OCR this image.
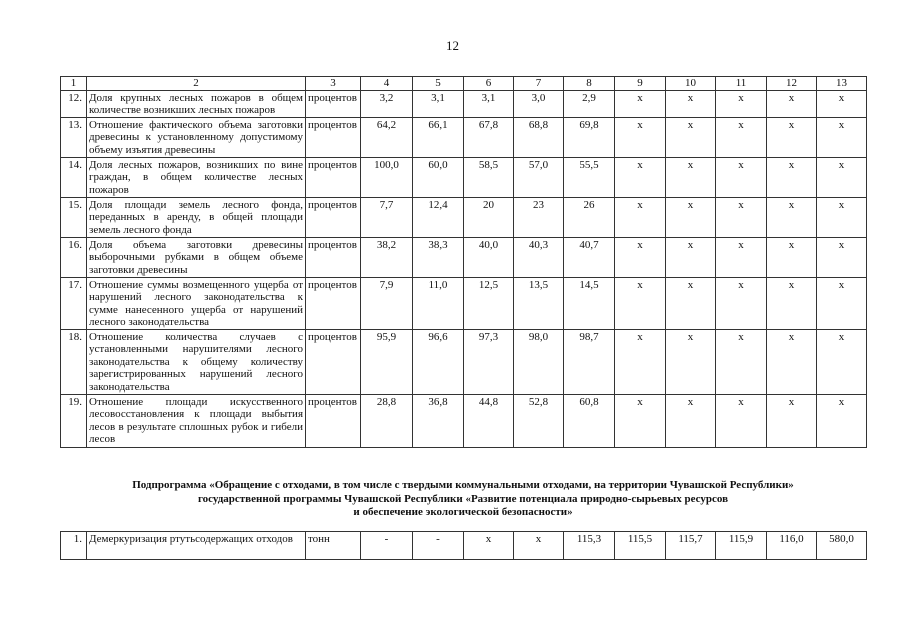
12
1	2	3	4	5	6	7	8	9	10	11	12	13
12.	Доля крупных лесных пожаров в общем количестве возникших лесных пожаров	процентов	3,2	3,1	3,1	3,0	2,9	х	х	х	х	х
13.	Отношение фактического объема заготовки древесины к установленному допустимому объему изъятия древесины	процентов	64,2	66,1	67,8	68,8	69,8	х	х	х	х	х
14.	Доля лесных пожаров, возникших по вине граждан, в общем количестве лесных пожаров	процентов	100,0	60,0	58,5	57,0	55,5	х	х	х	х	х
15.	Доля площади земель лесного фонда, переданных в аренду, в общей площади земель лесного фонда	процентов	7,7	12,4	20	23	26	х	х	х	х	х
16.	Доля объема заготовки древесины выборочными рубками в общем объеме заготовки древесины	процентов	38,2	38,3	40,0	40,3	40,7	х	х	х	х	х
17.	Отношение суммы возмещенного ущерба от нарушений лесного законодательства к сумме нанесенного ущерба от нарушений лесного законодательства	процентов	7,9	11,0	12,5	13,5	14,5	х	х	х	х	х
18.	Отношение количества случаев с установленными нарушителями лесного законодательства к общему количеству зарегистрированных нарушений лесного законодательства	процентов	95,9	96,6	97,3	98,0	98,7	х	х	х	х	х
19.	Отношение площади искусственного лесовосстановления к площади выбытия лесов в результате сплошных рубок и гибели лесов	процентов	28,8	36,8	44,8	52,8	60,8	х	х	х	х	х
Подпрограмма «Обращение с отходами, в том числе с твердыми коммунальными отходами, на территории Чувашской Республики»
государственной программы Чувашской Республики «Развитие потенциала природно-сырьевых ресурсов
и обеспечение экологической безопасности»
1.	Демеркуризация ртутьсодержащих отходов	тонн	-	-	х	х	115,3	115,5	115,7	115,9	116,0	580,0
